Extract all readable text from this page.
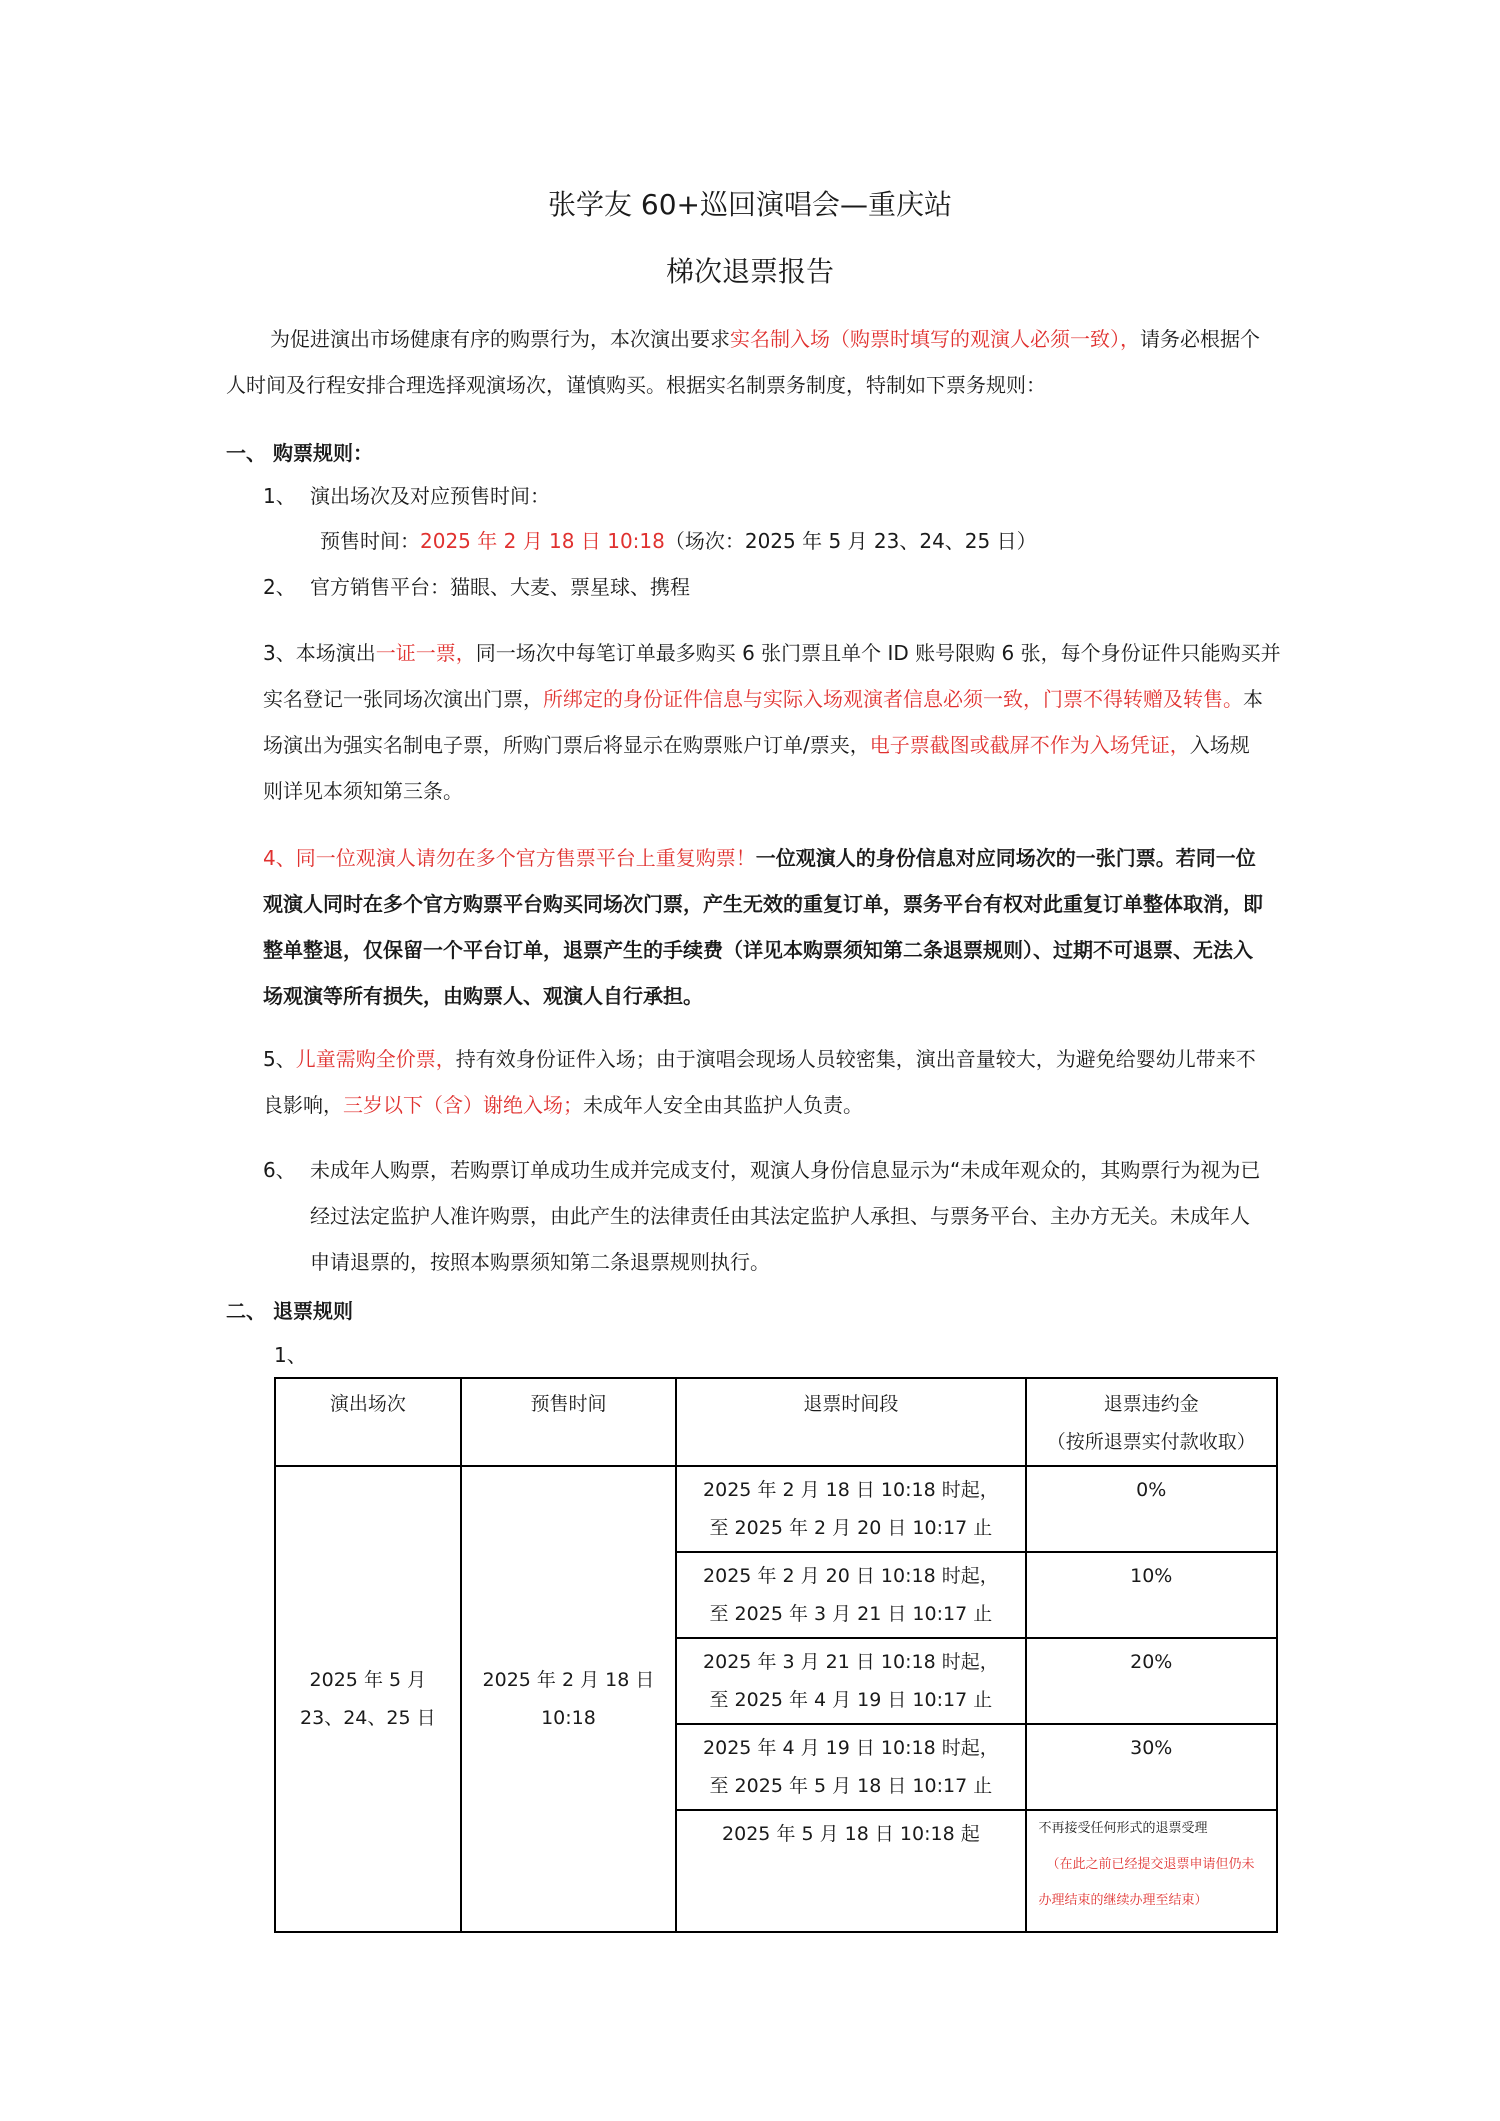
张学友 60+巡回演唱会—重庆站
梯次退票报告
为促进演出市场健康有序的购票行为，本次演出要求实名制入场（购票时填写的观演人必须一致），请务必根据个
人时间及行程安排合理选择观演场次，谨慎购买。根据实名制票务制度，特制如下票务规则：
一、 购票规则：
1、 演出场次及对应预售时间：
预售时间：2025 年 2 月 18 日 10:18（场次：2025 年 5 月 23、24、25 日）
2、 官方销售平台：猫眼、大麦、票星球、携程
3、本场演出一证一票，同一场次中每笔订单最多购买 6 张门票且单个 ID 账号限购 6 张，每个身份证件只能购买并
实名登记一张同场次演出门票，所绑定的身份证件信息与实际入场观演者信息必须一致，门票不得转赠及转售。本
场演出为强实名制电子票，所购门票后将显示在购票账户订单/票夹，电子票截图或截屏不作为入场凭证，入场规
则详见本须知第三条。
4、同一位观演人请勿在多个官方售票平台上重复购票！一位观演人的身份信息对应同场次的一张门票。若同一位
观演人同时在多个官方购票平台购买同场次门票，产生无效的重复订单，票务平台有权对此重复订单整体取消，即
整单整退，仅保留一个平台订单，退票产生的手续费（详见本购票须知第二条退票规则）、过期不可退票、无法入
场观演等所有损失，由购票人、观演人自行承担。
5、儿童需购全价票，持有效身份证件入场；由于演唱会现场人员较密集，演出音量较大，为避免给婴幼儿带来不
良影响，三岁以下（含）谢绝入场；未成年人安全由其监护人负责。
6、 未成年人购票，若购票订单成功生成并完成支付，观演人身份信息显示为“未成年观众的，其购票行为视为已
经过法定监护人准许购票，由此产生的法律责任由其法定监护人承担、与票务平台、主办方无关。未成年人
申请退票的，按照本购票须知第二条退票规则执行。
二、 退票规则
1、
演出场次	预售时间	退票时间段	退票违约金
（按所退票实付款收取）
2025 年 5 月
23、24、25 日	2025 年 2 月 18 日
10:18	2025 年 2 月 18 日 10:18 时起，
至 2025 年 2 月 20 日 10:17 止	0%
		2025 年 2 月 20 日 10:18 时起，
至 2025 年 3 月 21 日 10:17 止	10%
		2025 年 3 月 21 日 10:18 时起，
至 2025 年 4 月 19 日 10:17 止	20%
		2025 年 4 月 19 日 10:18 时起，
至 2025 年 5 月 18 日 10:17 止	30%
		2025 年 5 月 18 日 10:18 起	不再接受任何形式的退票受理
（在此之前已经提交退票申请但仍未
办理结束的继续办理至结束）
